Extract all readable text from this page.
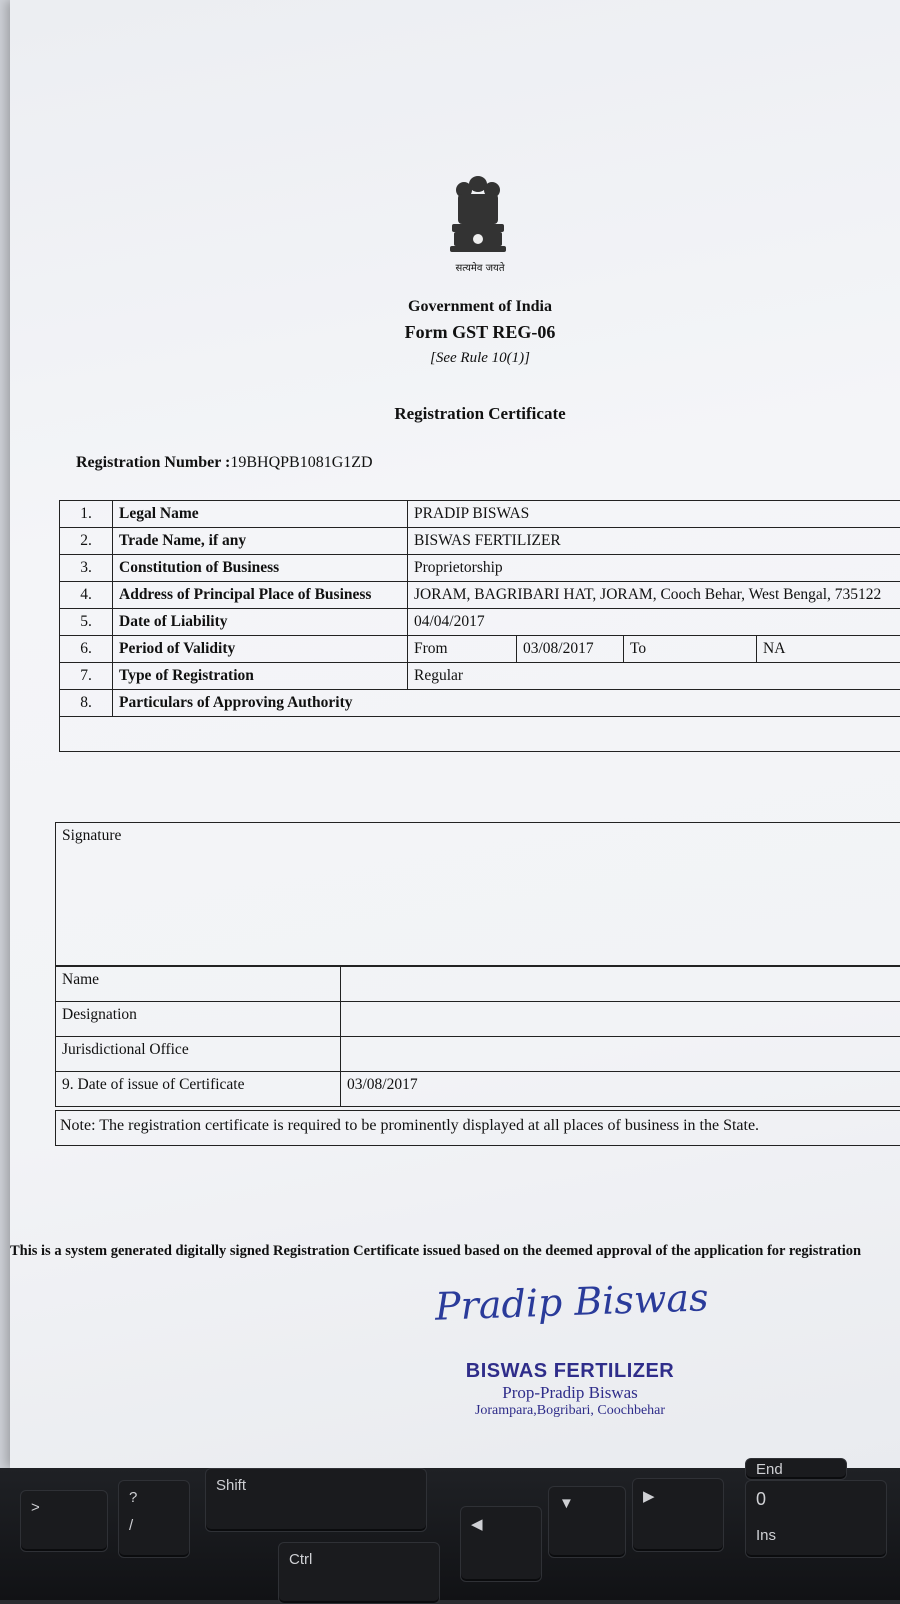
सत्यमेव जयते
Government of India
Form GST REG-06
[See Rule 10(1)]
Registration Certificate
Registration Number :19BHQPB1081G1ZD
1.	Legal Name	PRADIP BISWAS			
2.	Trade Name, if any	BISWAS FERTILIZER			
3.	Constitution of Business	Proprietorship			
4.	Address of Principal Place of Business	JORAM, BAGRIBARI HAT, JORAM, Cooch Behar, West Bengal, 735122			
5.	Date of Liability	04/04/2017			
6.	Period of Validity	From	03/08/2017	To	NA
7.	Type of Registration	Regular			
8.	Particulars of Approving Authority				

Signature
Name	
Designation	
Jurisdictional Office	
9. Date of issue of Certificate	03/08/2017
Note: The registration certificate is required to be prominently displayed at all places of business in the State.
This is a system generated digitally signed Registration Certificate issued based on the deemed approval of the application for registration
Pradip Biswas
BISWAS FERTILIZER
Prop-Pradip Biswas
Jorampara,Bogribari, Coochbehar
>
?
/
Shift
Ctrl
◀
▼	▶
End
0
Ins
